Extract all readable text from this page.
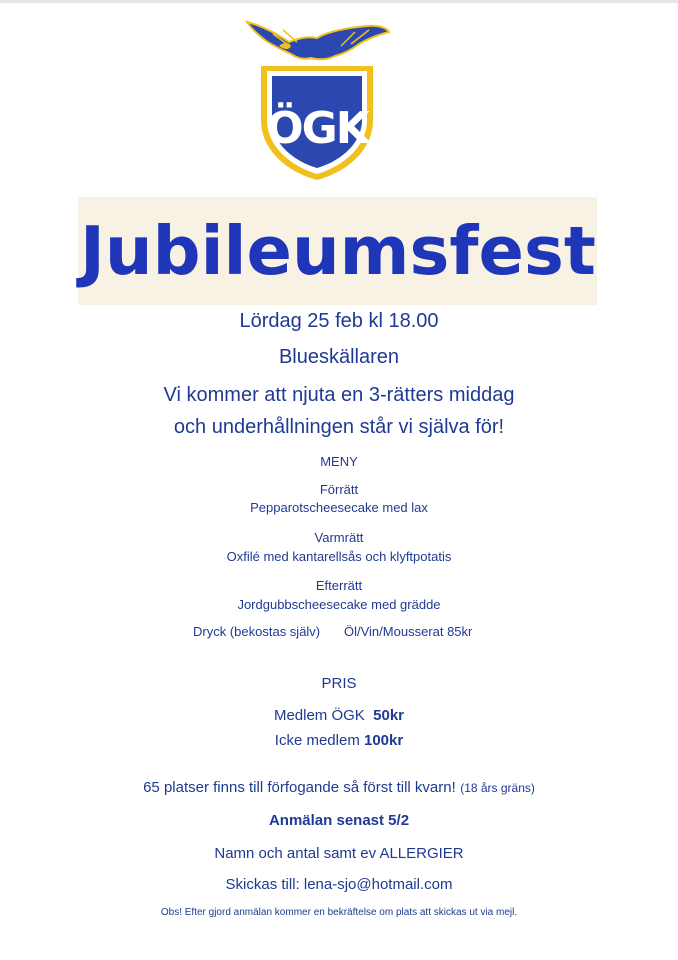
ÖGK
Jubileumsfest
Lördag 25 feb kl 18.00
Blueskällaren
Vi kommer att njuta en 3-rätters middag
och underhållningen står vi själva för!
MENY
Förrätt
Pepparotscheesecake med lax
Varmrätt
Oxfilé med kantarellsås och klyftpotatis
Efterrätt
Jordgubbscheesecake med grädde
Dryck (bekostas själv) Öl/Vin/Mousserat 85kr
PRIS
Medlem ÖGK 50kr
Icke medlem 100kr
65 platser finns till förfogande så först till kvarn! (18 års gräns)
Anmälan senast 5/2
Namn och antal samt ev ALLERGIER
Skickas till: lena-sjo@hotmail.com
Obs! Efter gjord anmälan kommer en bekräftelse om plats att skickas ut via mejl.
